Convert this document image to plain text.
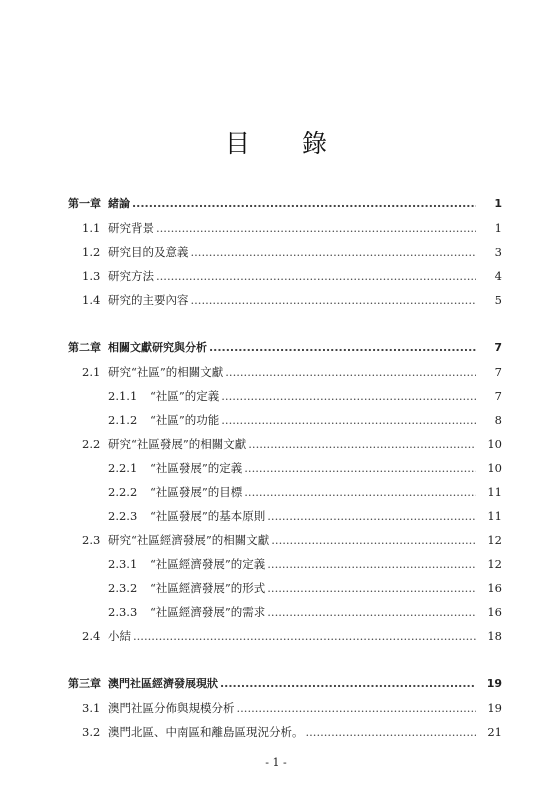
目 錄
第一章 緒論 .....	1
1.1 研究背景 .....	1
1.2 研究目的及意義 .....	3
1.3 研究方法 .....	4
1.4 研究的主要內容 .....	5
第二章 相關文獻研究與分析 .....	7
2.1 研究“社區”的相關文獻 .....	7
2.1.1	“社區”的定義 .....	7
2.1.2	“社區”的功能 .....	8
2.2 研究“社區發展”的相關文獻 .....	10
2.2.1	“社區發展”的定義 .....	10
2.2.2	“社區發展”的目標 .....	11
2.2.3	“社區發展”的基本原則 .....	11
2.3 研究“社區經濟發展”的相關文獻 .....	12
2.3.1	“社區經濟發展”的定義 .....	12
2.3.2	“社區經濟發展”的形式 .....	16
2.3.3	“社區經濟發展”的需求 .....	16
2.4 小結 .....	18
第三章 澳門社區經濟發展現狀 .....	19
3.1 澳門社區分佈與規模分析 .....	19
3.2 澳門北區、中南區和離島區現況分析。 .....	21
- 1 -
